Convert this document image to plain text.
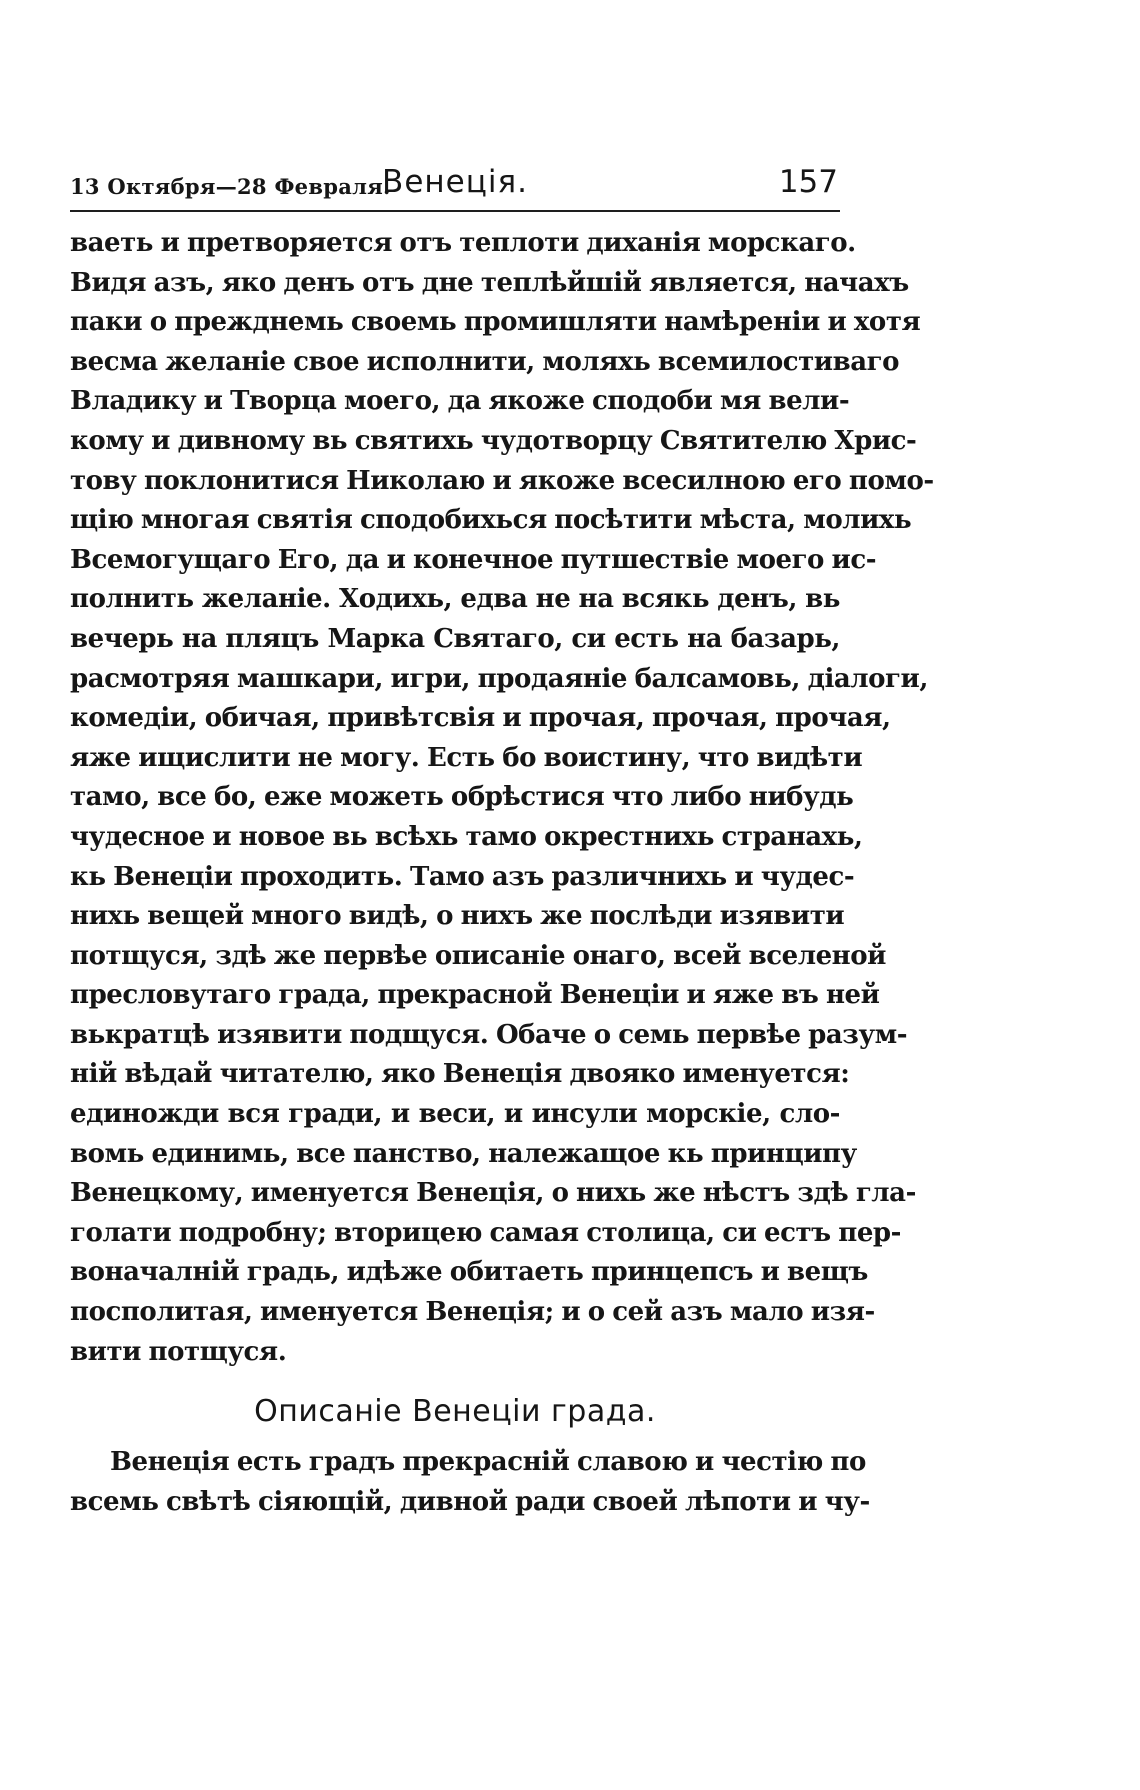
13 Октября—28 Февраля.
Венеція.	157
ваеть и претворяется отъ теплоти диханія морскаго.
Видя азъ, яко денъ отъ дне теплѣйшій является, начахъ
паки о прежднемь своемь промишляти намѣреніи и хотя
весма желаніе свое исполнити, моляхь всемилостиваго
Владику и Творца моего, да якоже сподоби мя вели-
кому и дивному вь святихь чудотворцу Святителю Хрис-
тову поклонитися Николаю и якоже всесилною его помо-
щію многая святія сподобихься посѣтити мѣста, молихь
Всемогущаго Его, да и конечное путшествіе моего ис-
полнить желаніе. Ходихь, едва не на всякь денъ, вь
вечерь на пляцъ Марка Святаго, си есть на базарь,
расмотряя машкари, игри, продаяніе балсамовь, діалоги,
комедіи, обичая, привѣтсвія и прочая, прочая, прочая,
яже ищислити не могу. Есть бо воистину, что видѣти
тамо, все бо, еже можеть обрѣстися что либо нибудь
чудесное и новое вь всѣхь тамо окрестнихь странахь,
кь Венеціи проходить. Тамо азъ различнихь и чудес-
нихь вещей много видѣ, о нихъ же послѣди изявити
потщуся, здѣ же первѣе описаніе онаго, всей вселеной
пресловутаго града, прекрасной Венеціи и яже въ ней
вькратцѣ изявити подщуся. Обаче о семь первѣе разум-
ній вѣдай читателю, яко Венеція двояко именуется:
единожди вся гради, и веси, и инсули морскіе, сло-
вомь единимь, все панство, належащое кь принципу
Венецкому, именуется Венеція, о нихь же нѣстъ здѣ гла-
голати подробну; вторицею самая столица, си естъ пер-
воначалній градь, идѣже обитаеть принцепсъ и вещъ
посполитая, именуется Венеція; и о сей азъ мало изя-
вити потщуся.
Описаніе Венеціи града.
Венеція есть градъ прекрасній славою и честію по
всемь свѣтѣ сіяющій, дивной ради своей лѣпоти и чу-
